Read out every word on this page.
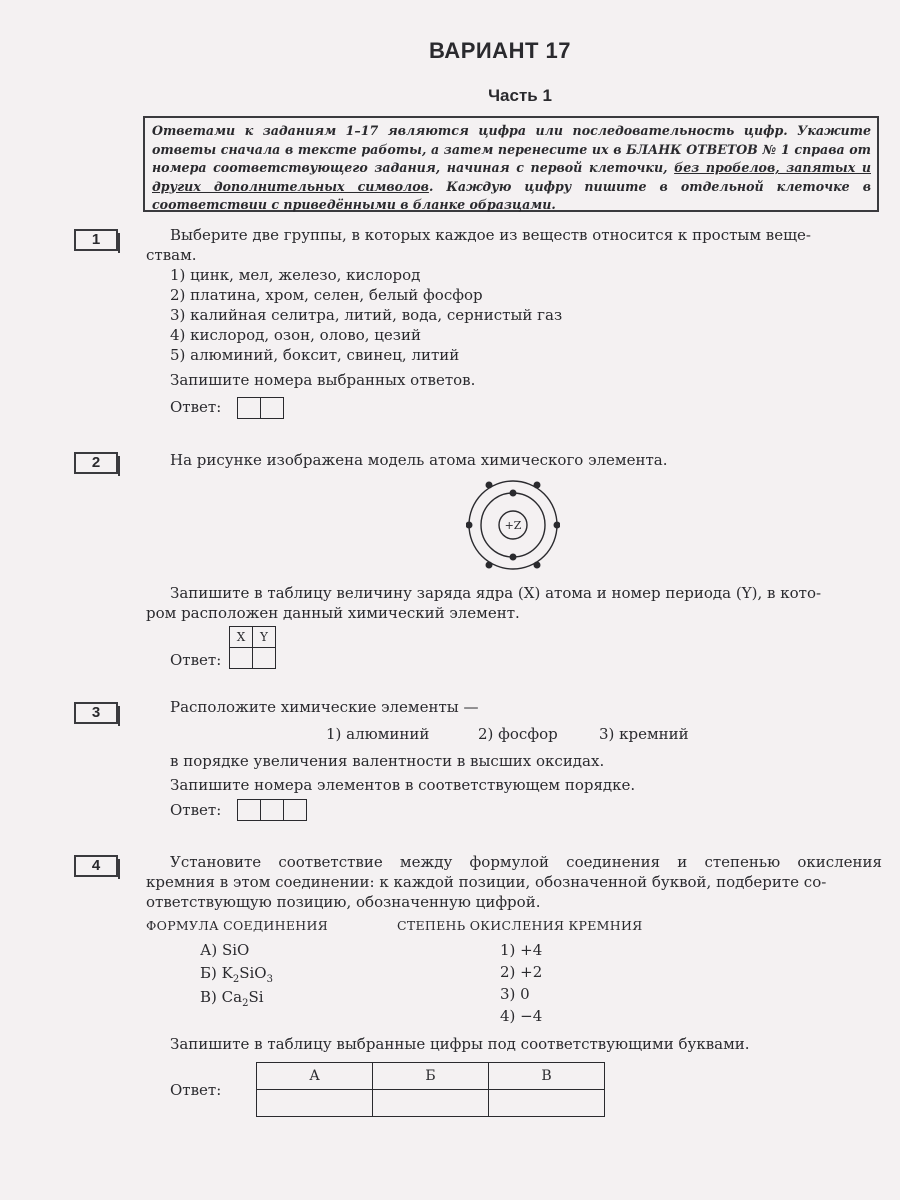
ВАРИАНТ 17
Часть 1
Ответами к заданиям 1–17 являются цифра или последовательность цифр. Укажите ответы сначала в тексте работы, а затем перенесите их в БЛАНК ОТВЕТОВ № 1 справа от номера соответствующего задания, начиная с первой клеточки, без пробелов, запятых и других дополнительных символов. Каждую цифру пишите в отдельной клеточке в соответствии с приведёнными в бланке образцами.
1	Выберите две группы, в которых каждое из веществ относится к простым веще-
ствам.
1) цинк, мел, железо, кислород
2) платина, хром, селен, белый фосфор
3) калийная селитра, литий, вода, сернистый газ
4) кислород, озон, олово, цезий
5) алюминий, боксит, свинец, литий
Запишите номера выбранных ответов.
Ответ:
2	На рисунке изображена модель атома химического элемента.
+Z
Запишите в таблицу величину заряда ядра (X) атома и номер периода (Y), в кото-
ром расположен данный химический элемент.
Ответ:
X	Y

3	Расположите химические элементы —
1) алюминий	2) фосфор	3) кремний
в порядке увеличения валентности в высших оксидах.
Запишите номера элементов в соответствующем порядке.
Ответ:
4	Установите соответствие между формулой соединения и степенью окисления
кремния в этом соединении: к каждой позиции, обозначенной буквой, подберите со-
ответствующую позицию, обозначенную цифрой.
ФОРМУЛА СОЕДИНЕНИЯ	СТЕПЕНЬ ОКИСЛЕНИЯ КРЕМНИЯ
А) SiO
Б) $K_2SiO_3$
В) $Ca_2Si$
1) +4
2) +2
3) 0
4) −4
Запишите в таблицу выбранные цифры под соответствующими буквами.
Ответ:
А	Б	В
